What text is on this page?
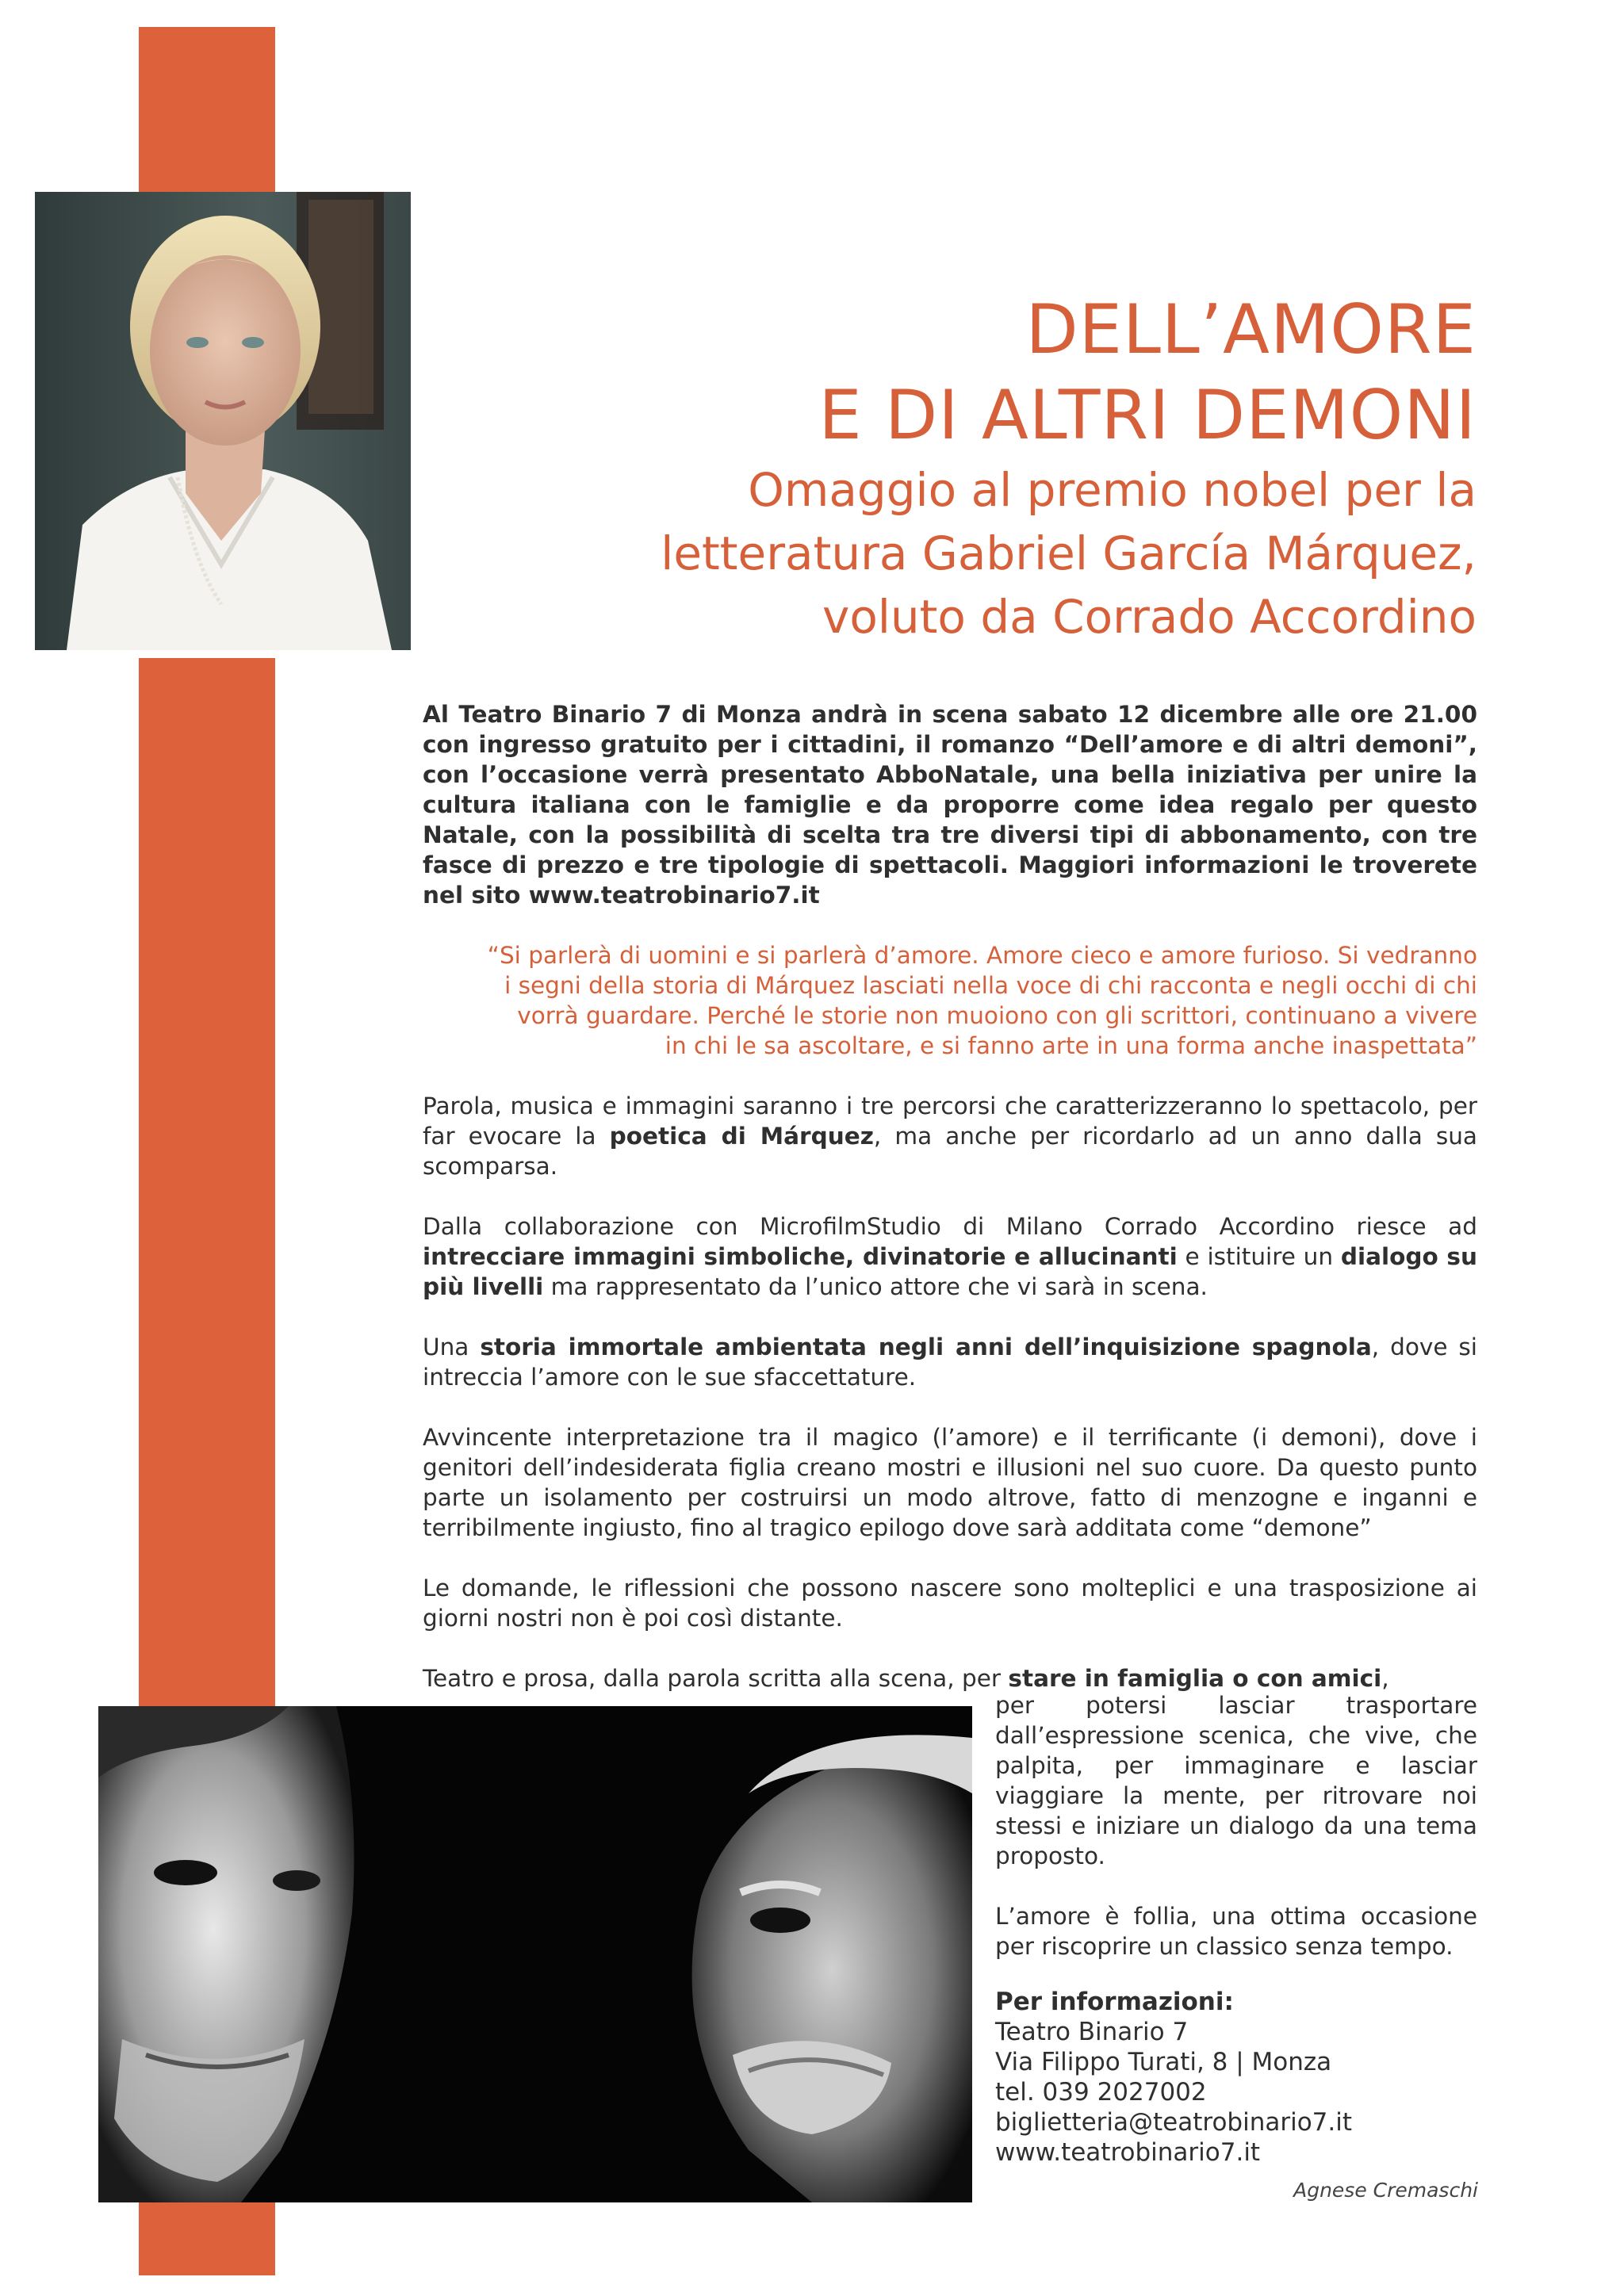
DELL’AMORE
E DI ALTRI DEMONI
Omaggio al premio nobel per la
letteratura Gabriel García Márquez,
voluto da Corrado Accordino

Al Teatro Binario 7 di Monza andrà in scena sabato 12 dicembre alle ore 21.00 con ingresso gratuito per i cittadini, il romanzo “Dell’amore e di altri demoni”, con l’occasione verrà presentato AbboNatale, una bella iniziativa per unire la cultura italiana con le famiglie e da proporre come idea regalo per questo Natale, con la possibilità di scelta tra tre diversi tipi di abbonamento, con tre fasce di prezzo e tre tipologie di spettacoli. Maggiori informazioni le troverete nel sito www.teatrobinario7.it

“Si parlerà di uomini e si parlerà d’amore. Amore cieco e amore furioso. Si vedranno
i segni della storia di Márquez lasciati nella voce di chi racconta e negli occhi di chi
vorrà guardare. Perché le storie non muoiono con gli scrittori, continuano a vivere
in chi le sa ascoltare, e si fanno arte in una forma anche inaspettata”

Parola, musica e immagini saranno i tre percorsi che caratterizzeranno lo spettacolo, per far evocare la poetica di Márquez, ma anche per ricordarlo ad un anno dalla sua scomparsa.

Dalla collaborazione con MicrofilmStudio di Milano Corrado Accordino riesce ad intrecciare immagini simboliche, divinatorie e allucinanti e istituire un dialogo su più livelli ma rappresentato da l’unico attore che vi sarà in scena.

Una storia immortale ambientata negli anni dell’inquisizione spagnola, dove si intreccia l’amore con le sue sfaccettature.

Avvincente interpretazione tra il magico (l’amore) e il terrificante (i demoni), dove i genitori dell’indesiderata figlia creano mostri e illusioni nel suo cuore. Da questo punto parte un isolamento per costruirsi un modo altrove, fatto di menzogne e inganni e terribilmente ingiusto, fino al tragico epilogo dove sarà additata come “demone”

Le domande, le riflessioni che possono nascere sono molteplici e una trasposizione ai giorni nostri non è poi così distante.

Teatro e prosa, dalla parola scritta alla scena, per stare in famiglia o con amici,

per potersi lasciar trasportare dall’espressione scenica, che vive, che palpita, per immaginare e lasciar viaggiare la mente, per ritrovare noi stessi e iniziare un dialogo da una tema proposto.

L’amore è follia, una ottima occasione per riscoprire un classico senza tempo.

Per informazioni:
Teatro Binario 7
Via Filippo Turati, 8 | Monza
tel. 039 2027002
biglietteria@teatrobinario7.it
www.teatrobinario7.it
Agnese Cremaschi
